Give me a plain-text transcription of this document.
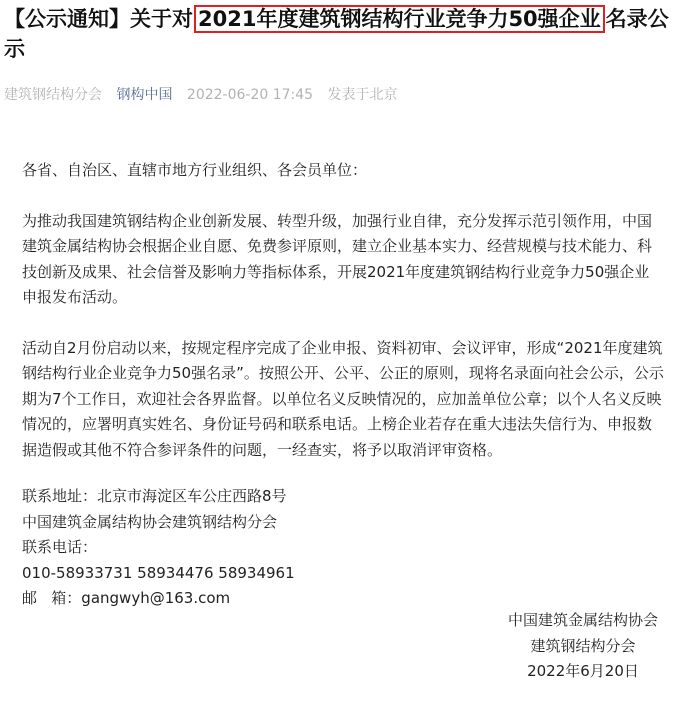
【公示通知】关于对 2021年度建筑钢结构行业竞争力50强企业 名录公示
建筑钢结构分会 钢构中国 2022-06-20 17:45 发表于北京

各省、自治区、直辖市地方行业组织、各会员单位：

为推动我国建筑钢结构企业创新发展、转型升级，加强行业自律，充分发挥示范引领作用，中国建筑金属结构协会根据企业自愿、免费参评原则，建立企业基本实力、经营规模与技术能力、科技创新及成果、社会信誉及影响力等指标体系，开展2021年度建筑钢结构行业竞争力50强企业申报发布活动。

活动自2月份启动以来，按规定程序完成了企业申报、资料初审、会议评审，形成“2021年度建筑钢结构行业企业竞争力50强名录”。按照公开、公平、公正的原则，现将名录面向社会公示，公示期为7个工作日，欢迎社会各界监督。以单位名义反映情况的，应加盖单位公章；以个人名义反映情况的，应署明真实姓名、身份证号码和联系电话。上榜企业若存在重大违法失信行为、申报数据造假或其他不符合参评条件的问题，一经查实，将予以取消评审资格。

联系地址：北京市海淀区车公庄西路8号
中国建筑金属结构协会建筑钢结构分会
联系电话：
010-58933731 58934476 58934961
邮   箱：gangwyh@163.com
中国建筑金属结构协会
建筑钢结构分会
2022年6月20日
